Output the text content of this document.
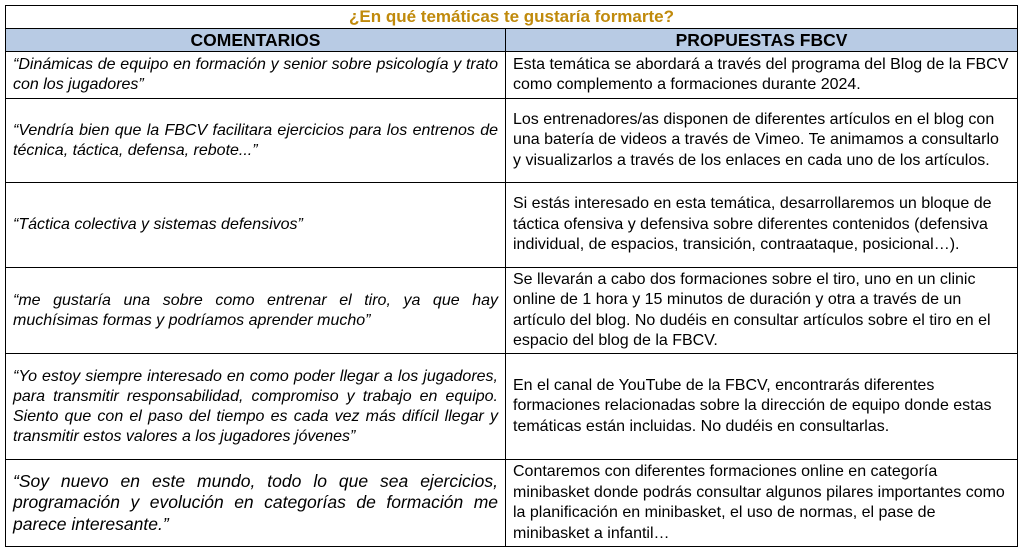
¿En qué temáticas te gustaría formarte?	
COMENTARIOS	PROPUESTAS FBCV
“Dinámicas de equipo en formación y senior sobre psicología y trato con los jugadores”	Esta temática se abordará a través del programa del Blog de la FBCV como complemento a formaciones durante 2024.
“Vendría bien que la FBCV facilitara ejercicios para los entrenos de técnica, táctica, defensa, rebote...”	Los entrenadores/as disponen de diferentes artículos en el blog con una batería de videos a través de Vimeo. Te animamos a consultarlo y visualizarlos a través de los enlaces en cada uno de los artículos.
“Táctica colectiva y sistemas defensivos”	Si estás interesado en esta temática, desarrollaremos un bloque de táctica ofensiva y defensiva sobre diferentes contenidos (defensiva individual, de espacios, transición, contraataque, posicional…).
“me gustaría una sobre como entrenar el tiro, ya que hay muchísimas formas y podríamos aprender mucho”	Se llevarán a cabo dos formaciones sobre el tiro, uno en un clinic online de 1 hora y 15 minutos de duración y otra a través de un artículo del blog. No dudéis en consultar artículos sobre el tiro en el espacio del blog de la FBCV.
“Yo estoy siempre interesado en como poder llegar a los jugadores, para transmitir responsabilidad, compromiso y trabajo en equipo. Siento que con el paso del tiempo es cada vez más difícil llegar y transmitir estos valores a los jugadores jóvenes”	En el canal de YouTube de la FBCV, encontrarás diferentes formaciones relacionadas sobre la dirección de equipo donde estas temáticas están incluidas. No dudéis en consultarlas.
“Soy nuevo en este mundo, todo lo que sea ejercicios, programación y evolución en categorías de formación me parece interesante.”	Contaremos con diferentes formaciones online en categoría minibasket donde podrás consultar algunos pilares importantes como la planificación en minibasket, el uso de normas, el pase de minibasket a infantil…
